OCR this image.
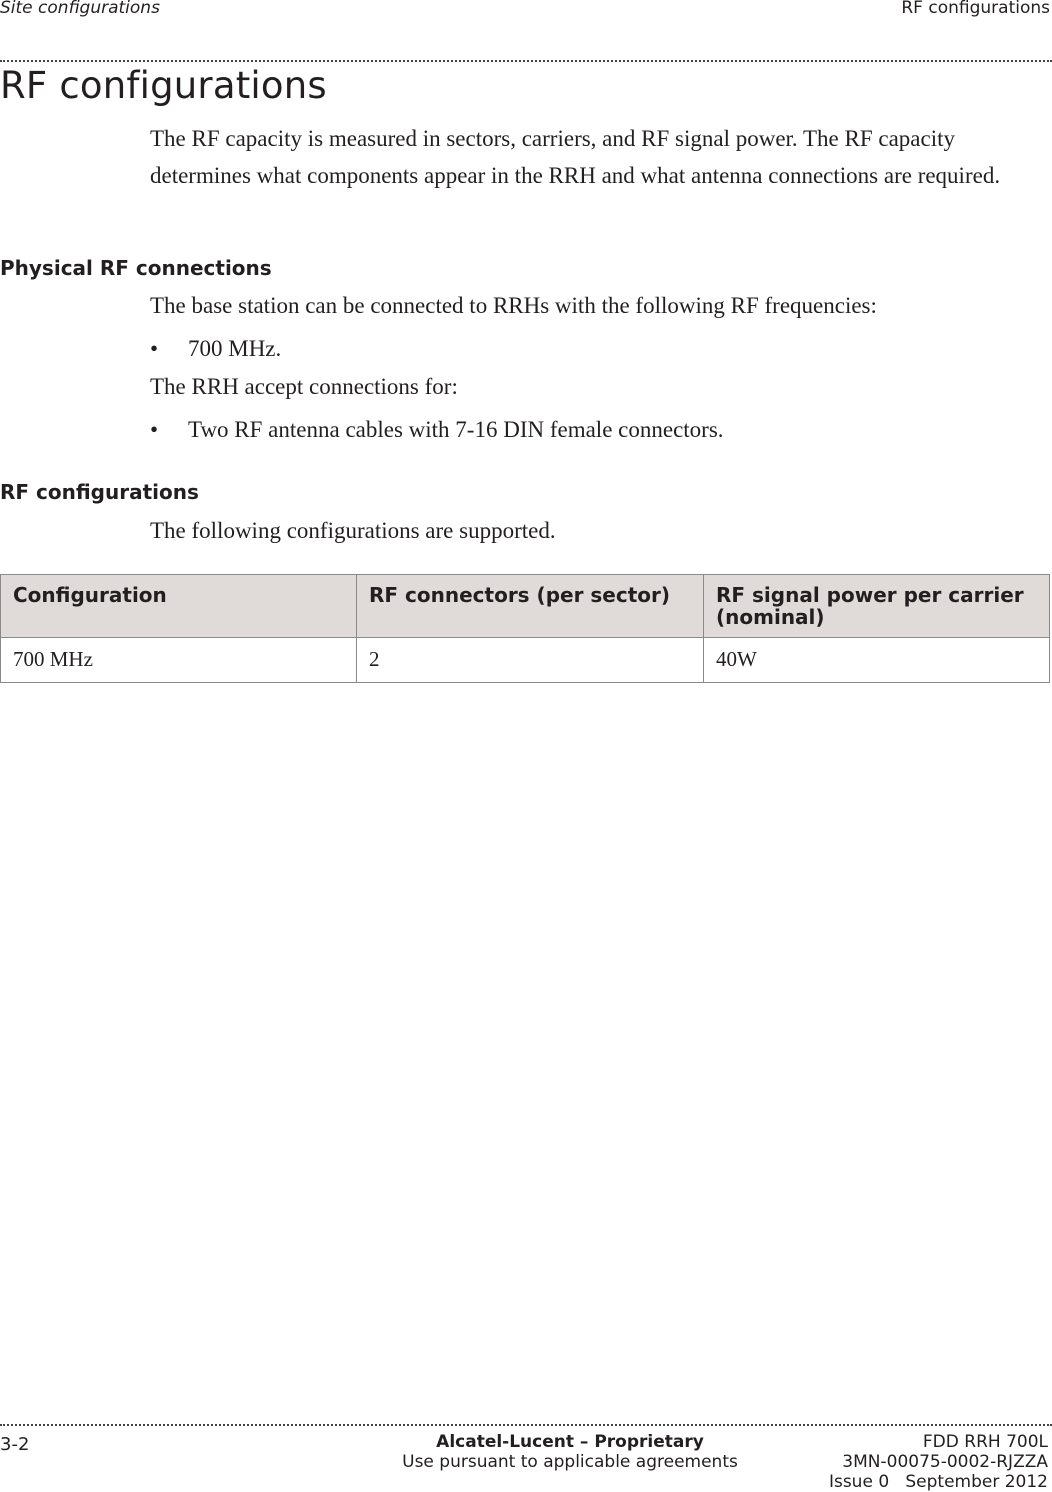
Site configurations	RF configurations
RF configurations

The RF capacity is measured in sectors, carriers, and RF signal power. The RF capacity determines what components appear in the RRH and what antenna connections are required.

Physical RF connections

The base station can be connected to RRHs with the following RF frequencies:

• 700 MHz.

The RRH accept connections for:

• Two RF antenna cables with 7-16 DIN female connectors.
RF configurations

The following configurations are supported.

Configuration	RF connectors (per sector)	RF signal power per carrier (nominal)
700 MHz	2	40W
3-2	Alcatel-Lucent – Proprietary
Use pursuant to applicable agreements
FDD RRH 700L
3MN-00075-0002-RJZZA
Issue 0 September 2012
